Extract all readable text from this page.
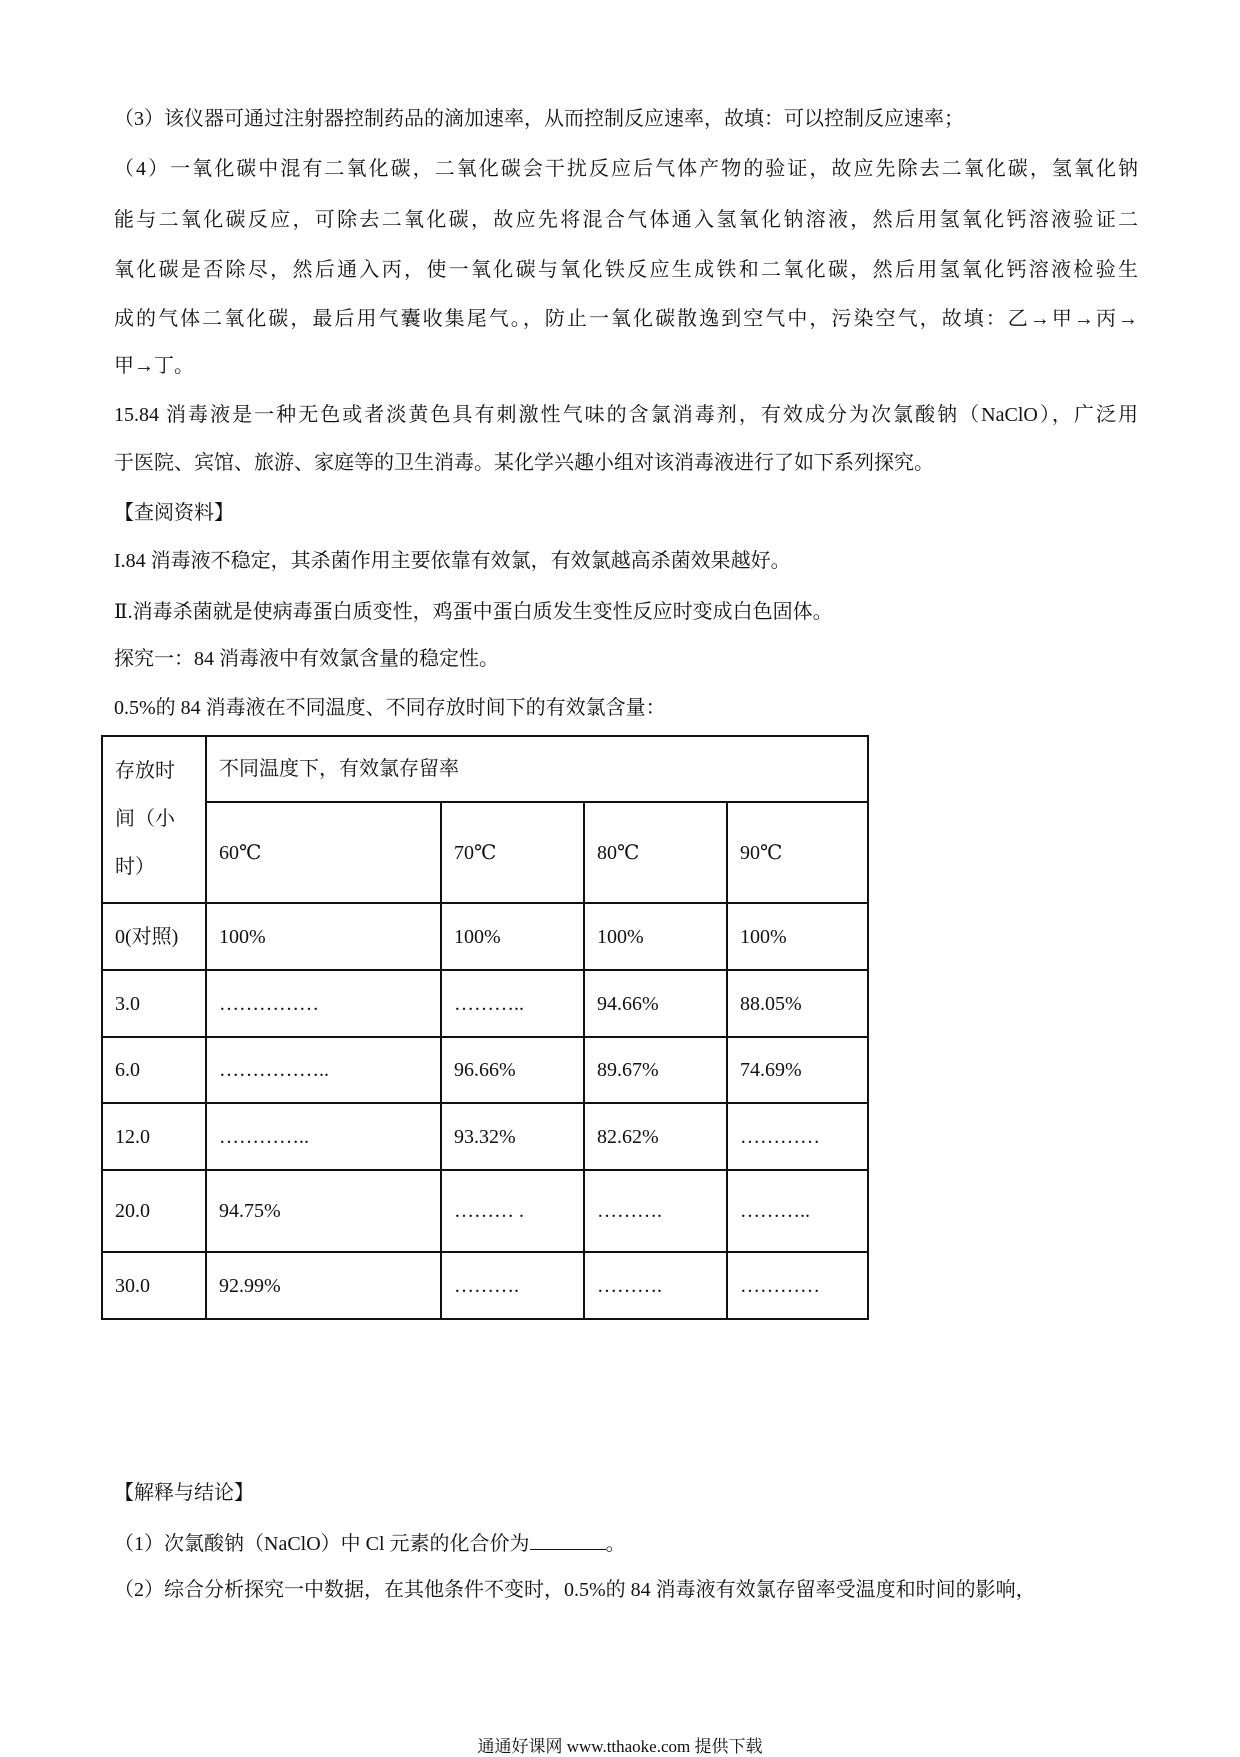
（3）该仪器可通过注射器控制药品的滴加速率，从而控制反应速率，故填：可以控制反应速率；
（4）一氧化碳中混有二氧化碳，二氧化碳会干扰反应后气体产物的验证，故应先除去二氧化碳，氢氧化钠
能与二氧化碳反应，可除去二氧化碳，故应先将混合气体通入氢氧化钠溶液，然后用氢氧化钙溶液验证二
氧化碳是否除尽，然后通入丙，使一氧化碳与氧化铁反应生成铁和二氧化碳，然后用氢氧化钙溶液检验生
成的气体二氧化碳，最后用气囊收集尾气。，防止一氧化碳散逸到空气中，污染空气，故填：乙→甲→丙→
甲→丁。
15.84 消毒液是一种无色或者淡黄色具有刺激性气味的含氯消毒剂，有效成分为次氯酸钠（NaClO），广泛用
于医院、宾馆、旅游、家庭等的卫生消毒。某化学兴趣小组对该消毒液进行了如下系列探究。
【查阅资料】
I.84 消毒液不稳定，其杀菌作用主要依靠有效氯，有效氯越高杀菌效果越好。
Ⅱ.消毒杀菌就是使病毒蛋白质变性，鸡蛋中蛋白质发生变性反应时变成白色固体。
探究一：84 消毒液中有效氯含量的稳定性。
0.5%的 84 消毒液在不同温度、不同存放时间下的有效氯含量：
存放时
间（小
时）	不同温度下，有效氯存留率			
	60℃	70℃	80℃	90℃
0(对照)	100%	100%	100%	100%
3.0	……………	………..	94.66%	88.05%
6.0	……………..	96.66%	89.67%	74.69%
12.0	…………..	93.32%	82.62%	…………
20.0	94.75%	……… .	……….	………..
30.0	92.99%	……….	……….	…………
【解释与结论】
（1）次氯酸钠（NaClO）中 Cl 元素的化合价为	。
（2）综合分析探究一中数据，在其他条件不变时，0.5%的 84 消毒液有效氯存留率受温度和时间的影响，
通通好课网 www.tthaoke.com 提供下载
